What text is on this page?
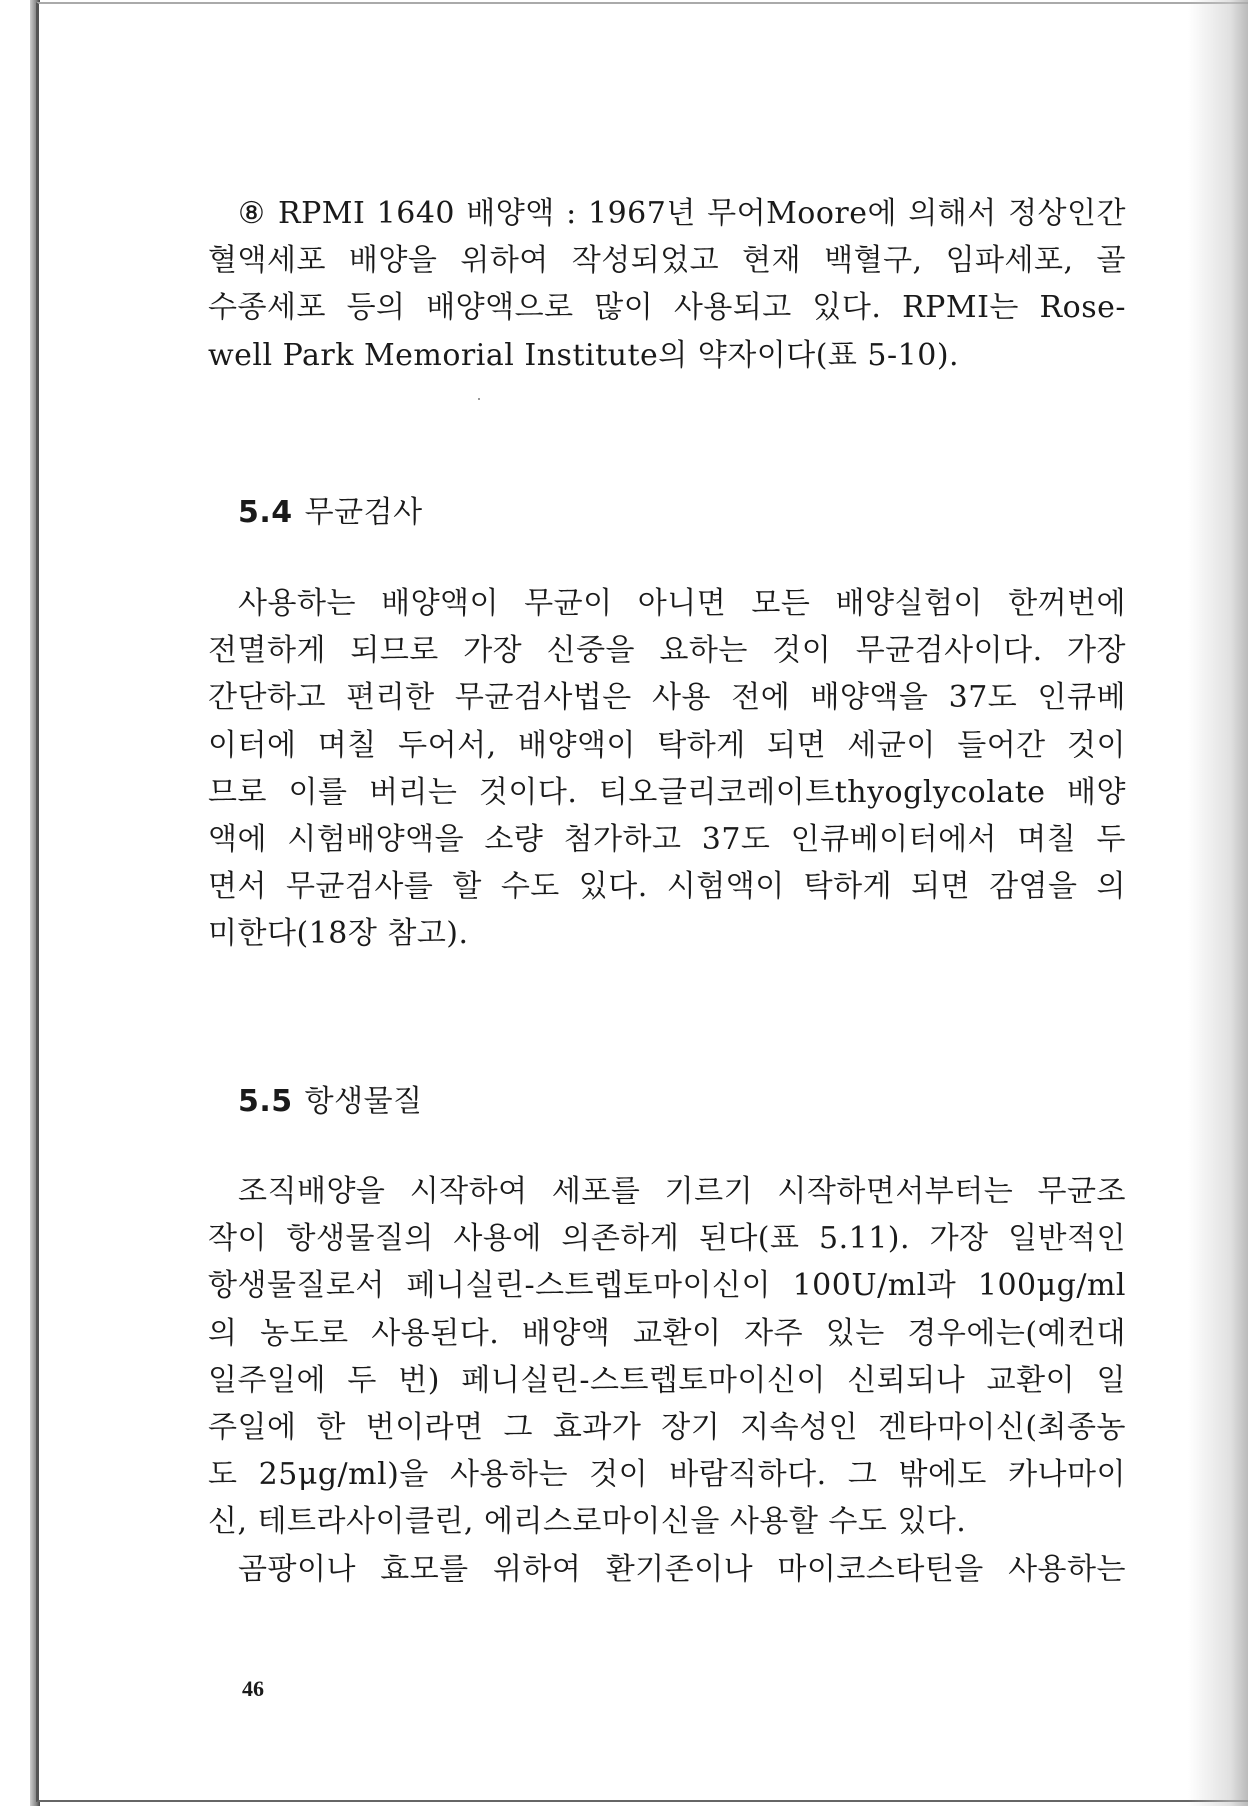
⑧ RPMI 1640 배양액 : 1967년 무어Moore에 의해서 정상인간
혈액세포 배양을 위하여 작성되었고 현재 백혈구, 임파세포, 골
수종세포 등의 배양액으로 많이 사용되고 있다. RPMI는 Rose-
well Park Memorial Institute의 약자이다(표 5-10).
5.4 무균검사
사용하는 배양액이 무균이 아니면 모든 배양실험이 한꺼번에
전멸하게 되므로 가장 신중을 요하는 것이 무균검사이다. 가장
간단하고 편리한 무균검사법은 사용 전에 배양액을 37도 인큐베
이터에 며칠 두어서, 배양액이 탁하게 되면 세균이 들어간 것이
므로 이를 버리는 것이다. 티오글리코레이트thyoglycolate 배양
액에 시험배양액을 소량 첨가하고 37도 인큐베이터에서 며칠 두
면서 무균검사를 할 수도 있다. 시험액이 탁하게 되면 감염을 의
미한다(18장 참고).
5.5 항생물질
조직배양을 시작하여 세포를 기르기 시작하면서부터는 무균조
작이 항생물질의 사용에 의존하게 된다(표 5.11). 가장 일반적인
항생물질로서 페니실린-스트렙토마이신이 100U/ml과 100μg/ml
의 농도로 사용된다. 배양액 교환이 자주 있는 경우에는(예컨대
일주일에 두 번) 페니실린-스트렙토마이신이 신뢰되나 교환이 일
주일에 한 번이라면 그 효과가 장기 지속성인 겐타마이신(최종농
도 25μg/ml)을 사용하는 것이 바람직하다. 그 밖에도 카나마이
신, 테트라사이클린, 에리스로마이신을 사용할 수도 있다.
곰팡이나 효모를 위하여 환기존이나 마이코스타틴을 사용하는
46
